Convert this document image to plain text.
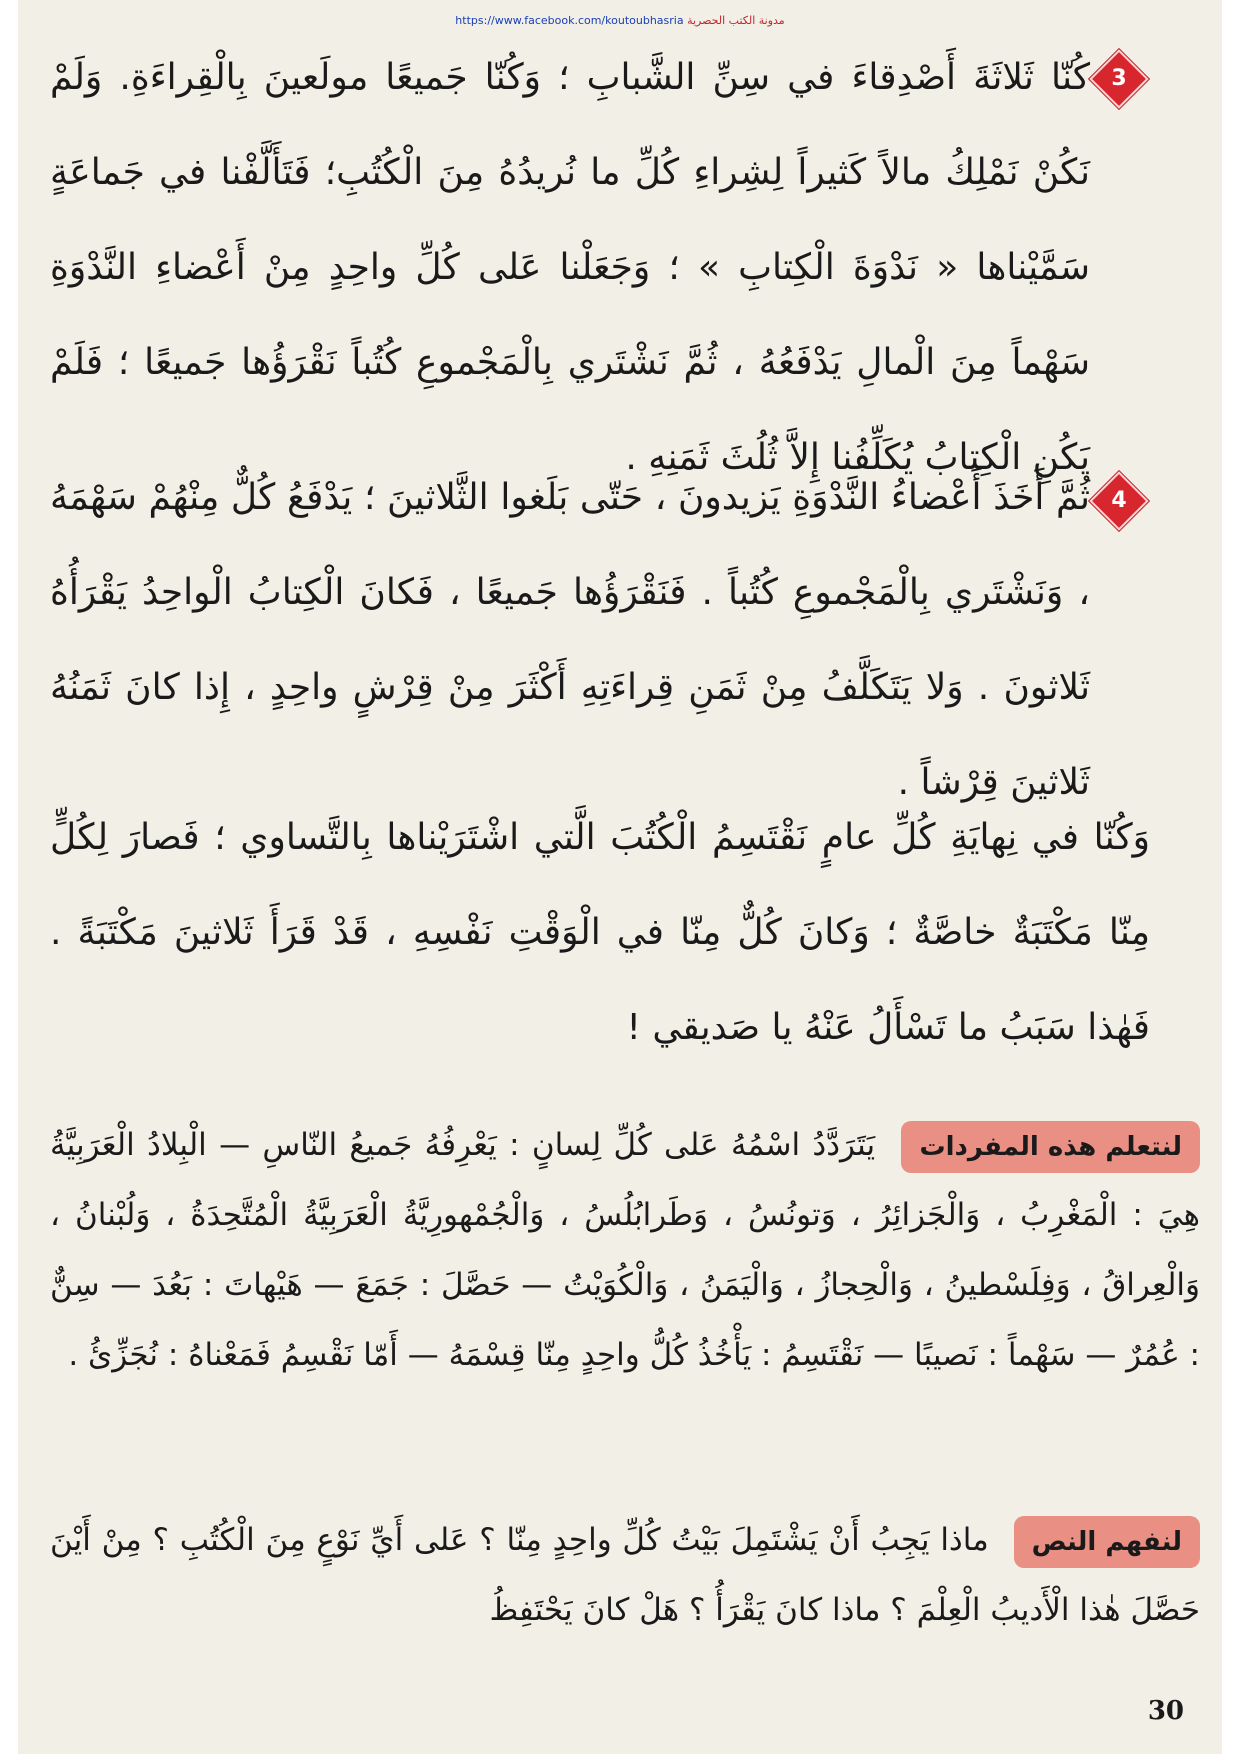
https://www.facebook.com/koutoubhasria مدونة الكتب الحصرية
3
كُنّا ثَلاثَةَ أَصْدِقاءَ في سِنِّ الشَّبابِ ؛ وَكُنّا جَميعًا مولَعينَ بِالْقِراءَةِ. وَلَمْ نَكُنْ نَمْلِكُ مالاً كَثيراً لِشِراءِ كُلِّ ما نُريدُهُ مِنَ الْكُتُبِ؛ فَتَأَلَّفْنا في جَماعَةٍ سَمَّيْناها « نَدْوَةَ الْكِتابِ » ؛ وَجَعَلْنا عَلى كُلِّ واحِدٍ مِنْ أَعْضاءِ النَّدْوَةِ سَهْماً مِنَ الْمالِ يَدْفَعُهُ ، ثُمَّ نَشْتَري بِالْمَجْموعِ كُتُباً نَقْرَؤُها جَميعًا ؛ فَلَمْ يَكُنِ الْكِتابُ يُكَلِّفُنا إِلاَّ ثُلُثَ ثَمَنِهِ .
4
ثُمَّ أَخَذَ أَعْضاءُ النَّدْوَةِ يَزيدونَ ، حَتّى بَلَغوا الثَّلاثينَ ؛ يَدْفَعُ كُلٌّ مِنْهُمْ سَهْمَهُ ، وَنَشْتَري بِالْمَجْموعِ كُتُباً . فَنَقْرَؤُها جَميعًا ، فَكانَ الْكِتابُ الْواحِدُ يَقْرَأُهُ ثَلاثونَ . وَلا يَتَكَلَّفُ مِنْ ثَمَنِ قِراءَتِهِ أَكْثَرَ مِنْ قِرْشٍ واحِدٍ ، إِذا كانَ ثَمَنُهُ ثَلاثينَ قِرْشاً .
وَكُنّا في نِهايَةِ كُلِّ عامٍ نَقْتَسِمُ الْكُتُبَ الَّتي اشْتَرَيْناها بِالتَّساوي ؛ فَصارَ لِكُلٍّ مِنّا مَكْتَبَةٌ خاصَّةٌ ؛ وَكانَ كُلٌّ مِنّا في الْوَقْتِ نَفْسِهِ ، قَدْ قَرَأَ ثَلاثينَ مَكْتَبَةً . فَهٰذا سَبَبُ ما تَسْأَلُ عَنْهُ يا صَديقي !
لنتعلم هذه المفردات يَتَرَدَّدُ اسْمُهُ عَلى كُلِّ لِسانٍ : يَعْرِفُهُ جَميعُ النّاسِ — الْبِلادُ الْعَرَبِيَّةُ هِيَ : الْمَغْرِبُ ، وَالْجَزائِرُ ، وَتونُسُ ، وَطَرابُلُسُ ، وَالْجُمْهورِيَّةُ الْعَرَبِيَّةُ الْمُتَّحِدَةُ ، وَلُبْنانُ ، وَالْعِراقُ ، وَفِلَسْطينُ ، وَالْحِجازُ ، وَالْيَمَنُ ، وَالْكُوَيْتُ — حَصَّلَ : جَمَعَ — هَيْهاتَ : بَعُدَ — سِنٌّ : عُمُرٌ — سَهْماً : نَصيبًا — نَقْتَسِمُ : يَأْخُذُ كُلُّ واحِدٍ مِنّا قِسْمَهُ — أَمّا نَقْسِمُ فَمَعْناهُ : نُجَزِّئُ .
لنفهم النص ماذا يَجِبُ أَنْ يَشْتَمِلَ بَيْتُ كُلِّ واحِدٍ مِنّا ؟ عَلى أَيِّ نَوْعٍ مِنَ الْكُتُبِ ؟ مِنْ أَيْنَ حَصَّلَ هٰذا الْأَديبُ الْعِلْمَ ؟ ماذا كانَ يَقْرَأُ ؟ هَلْ كانَ يَحْتَفِظُ
30
